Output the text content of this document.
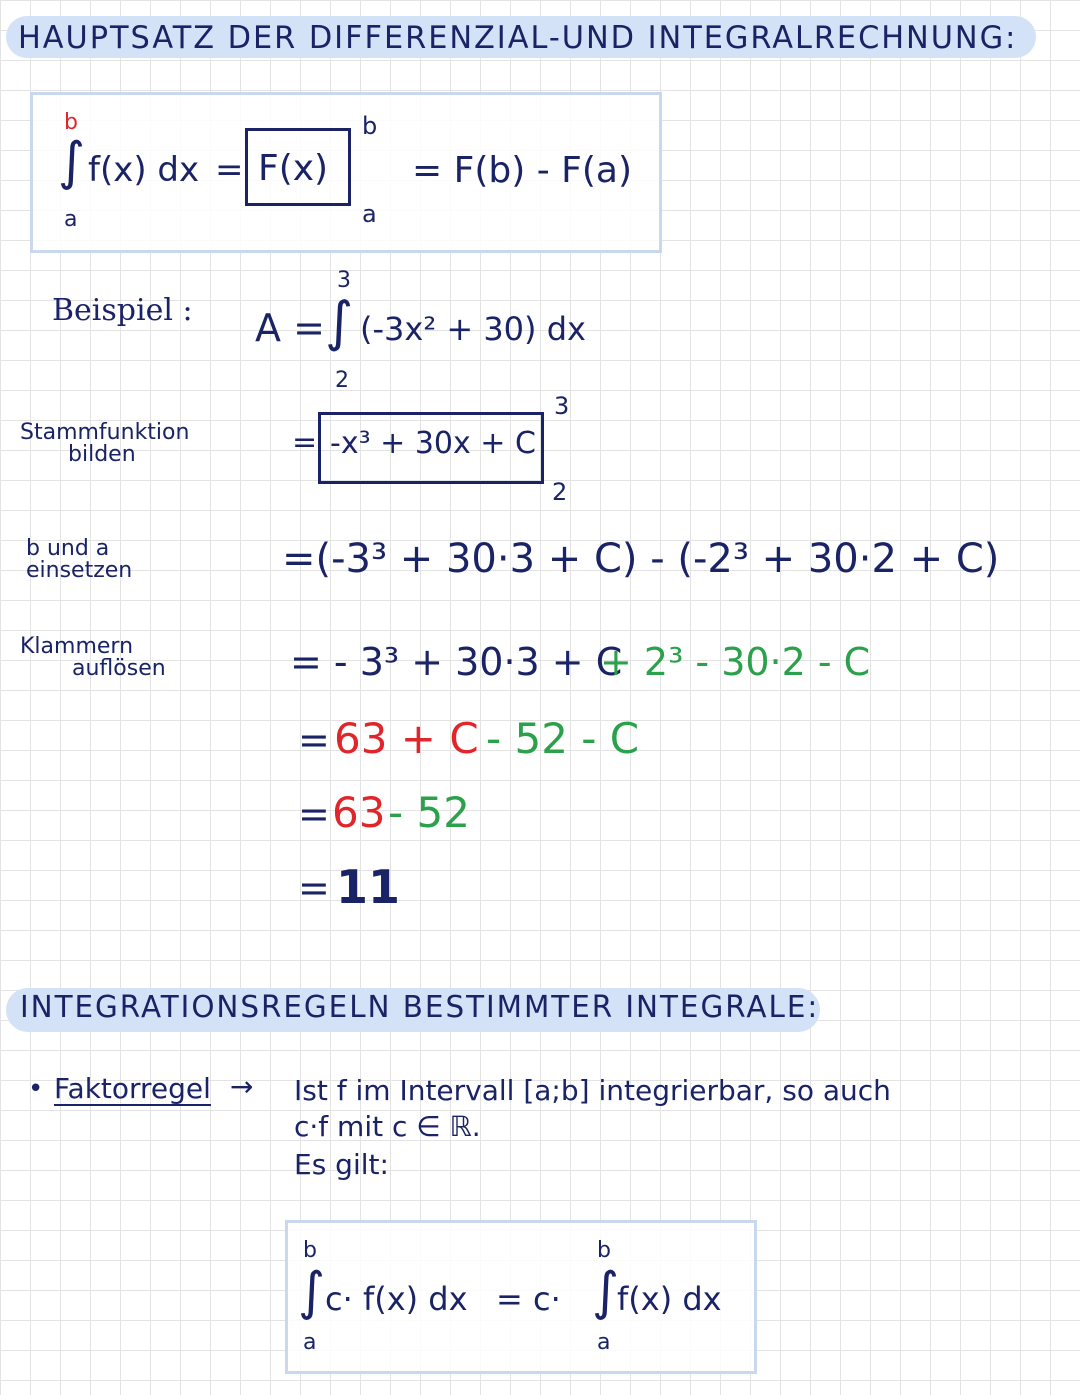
HAUPTSATZ DER DIFFERENZIAL-UND INTEGRALRECHNUNG:
b
∫
a
f(x) dx = F(x)
b
a
= F(b) - F(a)
Beispiel : A = ∫
3
2
(-3x² + 30) dx
Stammfunktion
bilden	= -x³ + 30x + C
3
2
b und a
einsetzen	=(-3³ + 30·3 + C) - (-2³ + 30·2 + C)
Klammern
auflösen	= - 3³ + 30·3 + C
+ 2³ - 30·2 - C
= 63 + C - 52 - C
= 63 - 52
= 11
INTEGRATIONSREGELN BESTIMMTER INTEGRALE:
• Faktorregel → Ist f im Intervall [a;b] integrierbar, so auch
c·f mit c ∈ ℝ.
Es gilt:
b
∫
a
c· f(x) dx = c·
b
∫
a
f(x) dx
